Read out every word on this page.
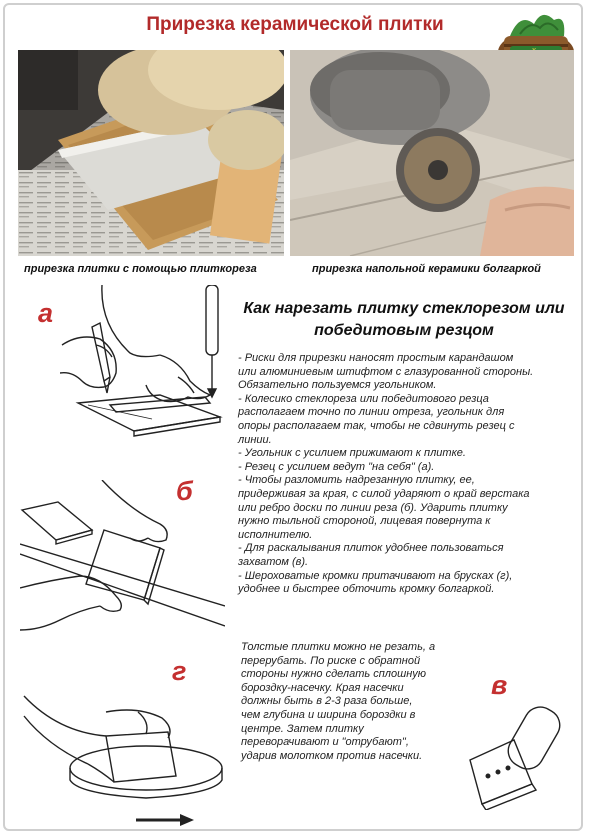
Прирезка керамической плитки
прирезка плитки с помощью плиткореза	прирезка напольной керамики болгаркой
Как нарезать плитку стеклорезом или
победитовым резцом
а
б
г	в
- Риски для прирезки наносят простым карандашом
или алюминиевым штифтом с глазурованной стороны.
Обязательно пользуемся угольником.
- Колесико стеклореза или победитового резца
располагаем точно по линии отреза, угольник для
опоры располагаем так, чтобы не сдвинуть резец с
линии.
- Угольник с усилием прижимают к плитке.
- Резец с усилием ведут "на себя" (а).
- Чтобы разломить надрезанную плитку, ее,
придерживая за края, с силой ударяют о край верстака
или ребро доски по линии реза (б). Ударить плитку
нужно тыльной стороной, лицевая повернута к
исполнителю.
- Для раскалывания плиток удобнее пользоваться
захватом (в).
- Шероховатые кромки притачивают на брусках (г),
удобнее и быстрее обточить кромку болгаркой.
Толстые плитки можно не резать, а
перерубать. По риске с обратной
стороны нужно сделать сплошную
бороздку-насечку. Края насечки
должны быть в 2-3 раза больше,
чем глубина и ширина бороздки в
центре. Затем плитку
переворачивают и "отрубают",
ударив молотком против насечки.
